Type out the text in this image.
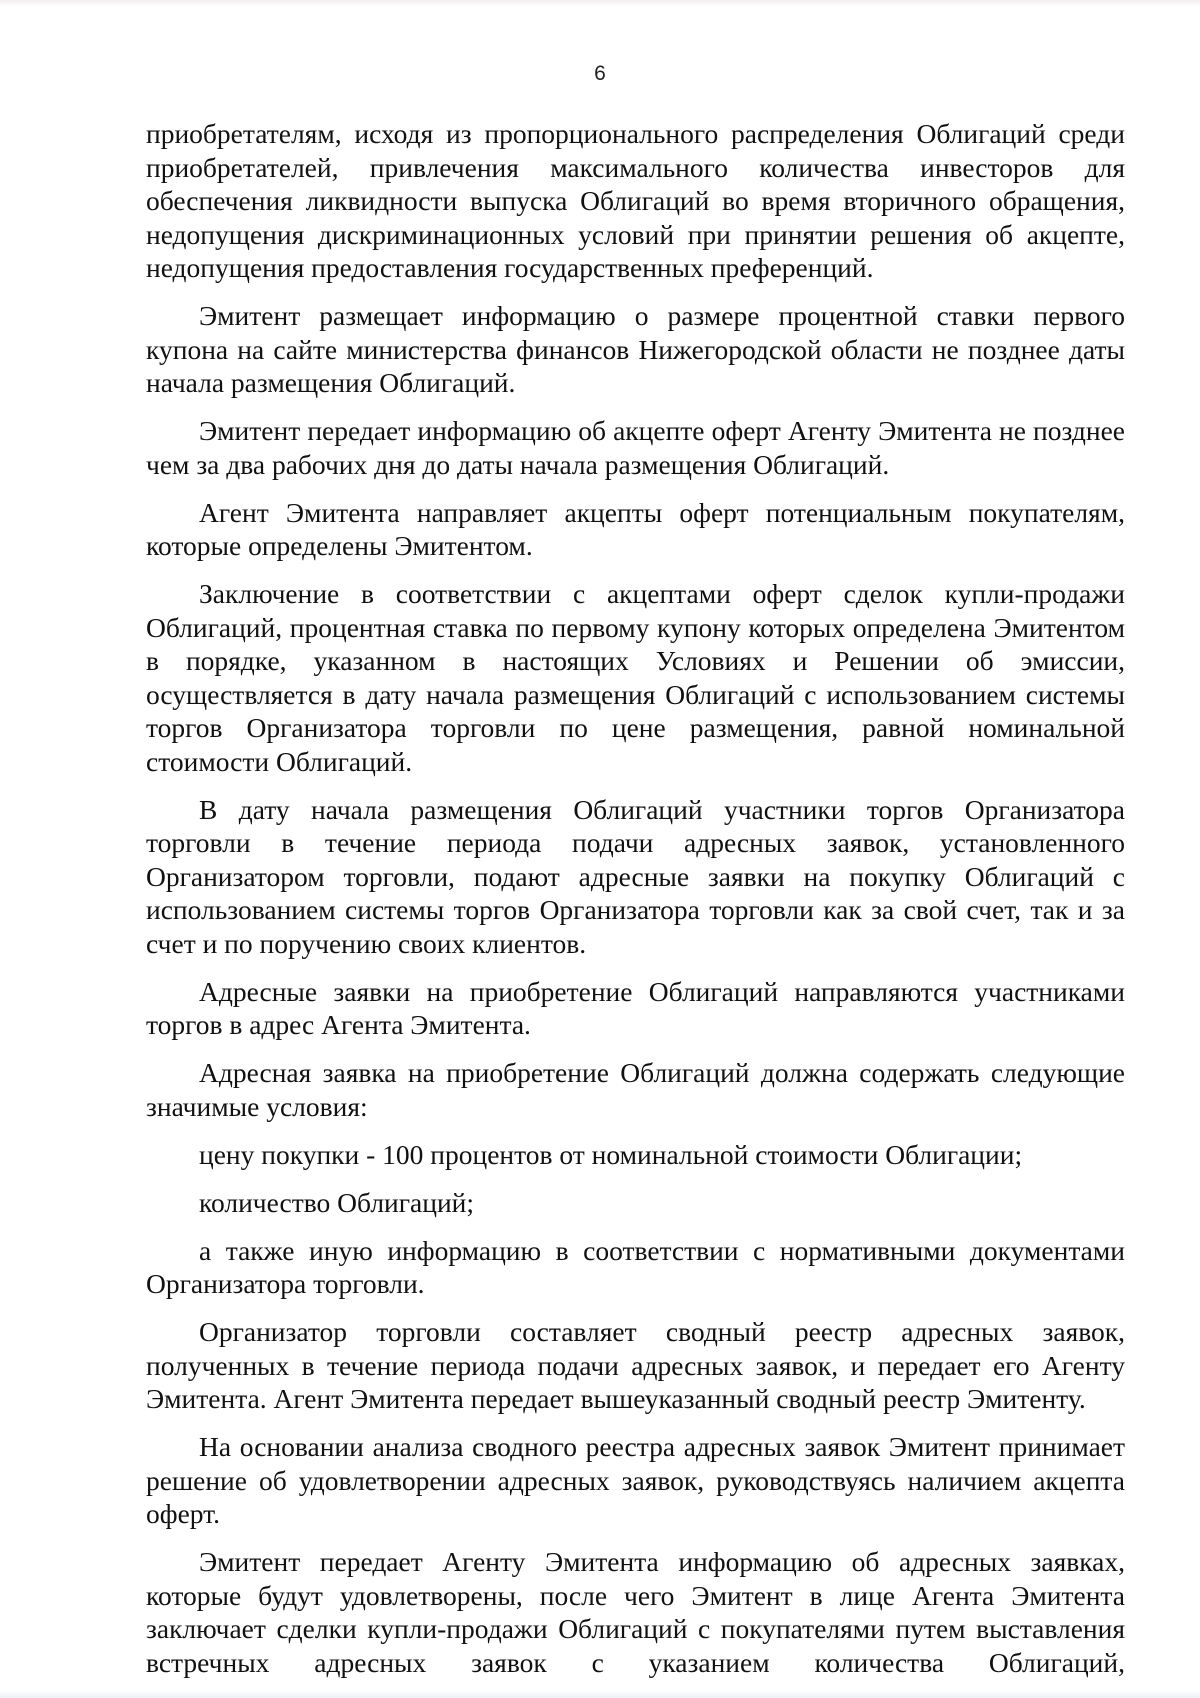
6

приобретателям, исходя из пропорционального распределения Облигаций среди приобретателей, привлечения максимального количества инвесторов для обеспечения ликвидности выпуска Облигаций во время вторичного обращения, недопущения дискриминационных условий при принятии решения об акцепте, недопущения предоставления государственных преференций.

Эмитент размещает информацию о размере процентной ставки первого купона на сайте министерства финансов Нижегородской области не позднее даты начала размещения Облигаций.

Эмитент передает информацию об акцепте оферт Агенту Эмитента не позднее чем за два рабочих дня до даты начала размещения Облигаций.

Агент Эмитента направляет акцепты оферт потенциальным покупателям, которые определены Эмитентом.

Заключение в соответствии с акцептами оферт сделок купли-продажи Облигаций, процентная ставка по первому купону которых определена Эмитентом в порядке, указанном в настоящих Условиях и Решении об эмиссии, осуществляется в дату начала размещения Облигаций с использованием системы торгов Организатора торговли по цене размещения, равной номинальной стоимости Облигаций.

В дату начала размещения Облигаций участники торгов Организатора торговли в течение периода подачи адресных заявок, установленного Организатором торговли, подают адресные заявки на покупку Облигаций с использованием системы торгов Организатора торговли как за свой счет, так и за счет и по поручению своих клиентов.

Адресные заявки на приобретение Облигаций направляются участниками торгов в адрес Агента Эмитента.

Адресная заявка на приобретение Облигаций должна содержать следующие значимые условия:

цену покупки - 100 процентов от номинальной стоимости Облигации;

количество Облигаций;

а также иную информацию в соответствии с нормативными документами Организатора торговли.

Организатор торговли составляет сводный реестр адресных заявок, полученных в течение периода подачи адресных заявок, и передает его Агенту Эмитента. Агент Эмитента передает вышеуказанный сводный реестр Эмитенту.

На основании анализа сводного реестра адресных заявок Эмитент принимает решение об удовлетворении адресных заявок, руководствуясь наличием акцепта оферт.

Эмитент передает Агенту Эмитента информацию об адресных заявках, которые будут удовлетворены, после чего Эмитент в лице Агента Эмитента заключает сделки купли-продажи Облигаций с покупателями путем выставления встречных адресных заявок с указанием количества Облигаций,
